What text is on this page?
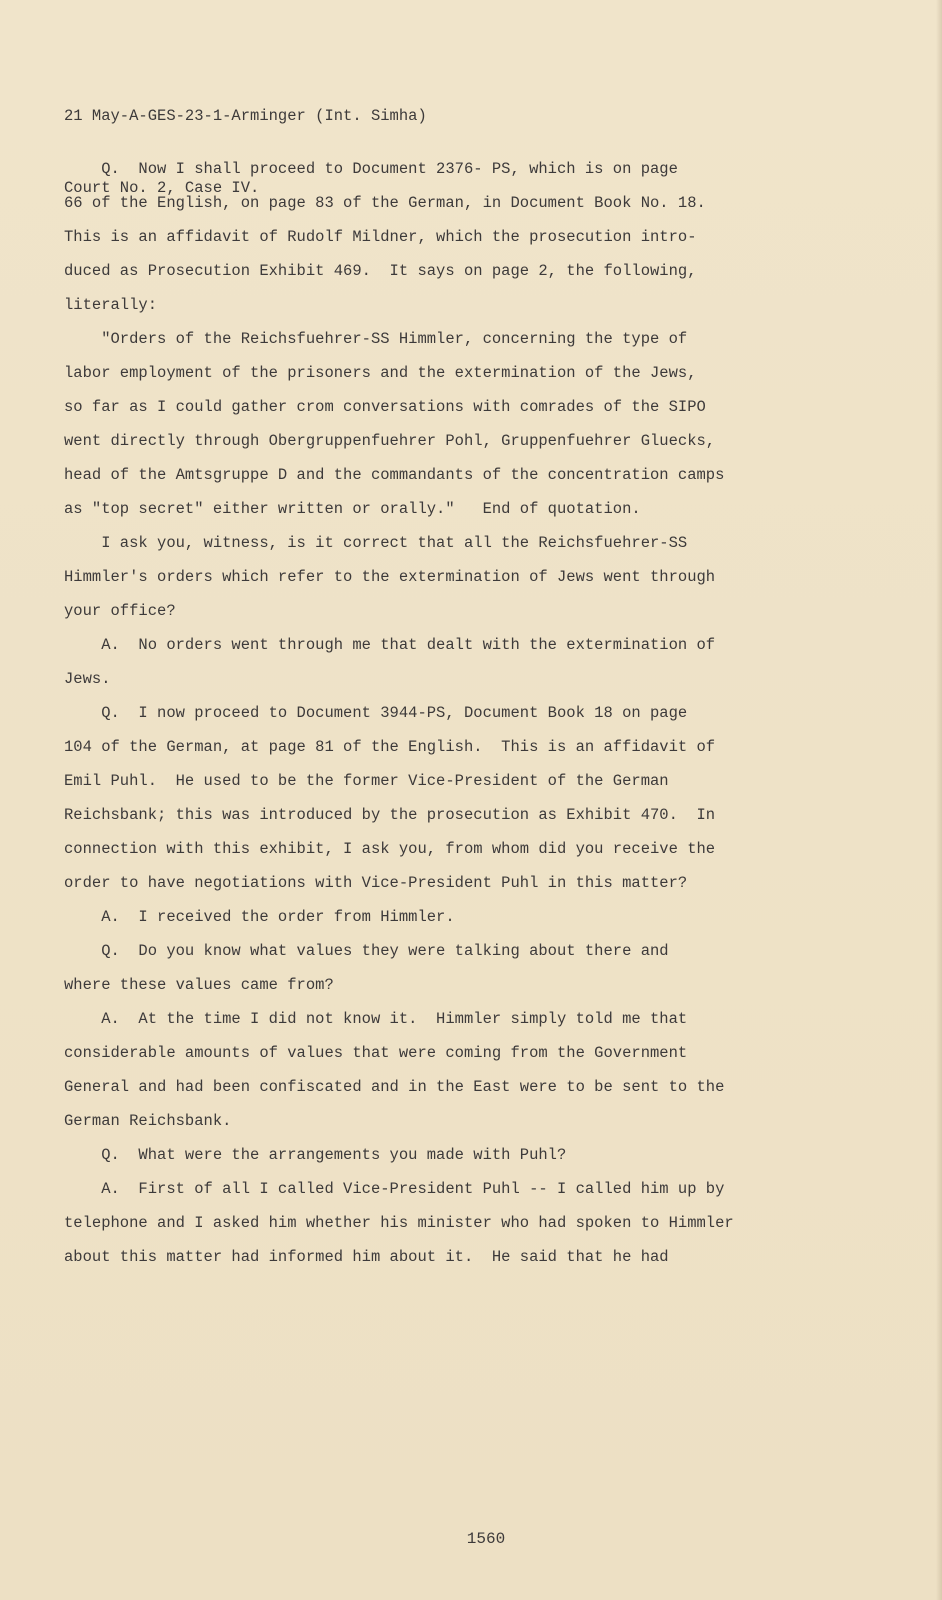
21 May-A-GES-23-1-Arminger (Int. Simha)

Court No. 2, Case IV.

Q.  Now I shall proceed to Document 2376- PS, which is on page
66 of the English, on page 83 of the German, in Document Book No. 18.
This is an affidavit of Rudolf Mildner, which the prosecution intro-
duced as Prosecution Exhibit 469.  It says on page 2, the following,
literally:
"Orders of the Reichsfuehrer-SS Himmler, concerning the type of
labor employment of the prisoners and the extermination of the Jews,
so far as I could gather crom conversations with comrades of the SIPO
went directly through Obergruppenfuehrer Pohl, Gruppenfuehrer Gluecks,
head of the Amtsgruppe D and the commandants of the concentration camps
as "top secret" either written or orally."   End of quotation.
I ask you, witness, is it correct that all the Reichsfuehrer-SS
Himmler's orders which refer to the extermination of Jews went through
your office?
A.  No orders went through me that dealt with the extermination of
Jews.
Q.  I now proceed to Document 3944-PS, Document Book 18 on page
104 of the German, at page 81 of the English.  This is an affidavit of
Emil Puhl.  He used to be the former Vice-President of the German
Reichsbank; this was introduced by the prosecution as Exhibit 470.  In
connection with this exhibit, I ask you, from whom did you receive the
order to have negotiations with Vice-President Puhl in this matter?
A.  I received the order from Himmler.
Q.  Do you know what values they were talking about there and
where these values came from?
A.  At the time I did not know it.  Himmler simply told me that
considerable amounts of values that were coming from the Government
General and had been confiscated and in the East were to be sent to the
German Reichsbank.
Q.  What were the arrangements you made with Puhl?
A.  First of all I called Vice-President Puhl -- I called him up by
telephone and I asked him whether his minister who had spoken to Himmler
about this matter had informed him about it.  He said that he had
1560
